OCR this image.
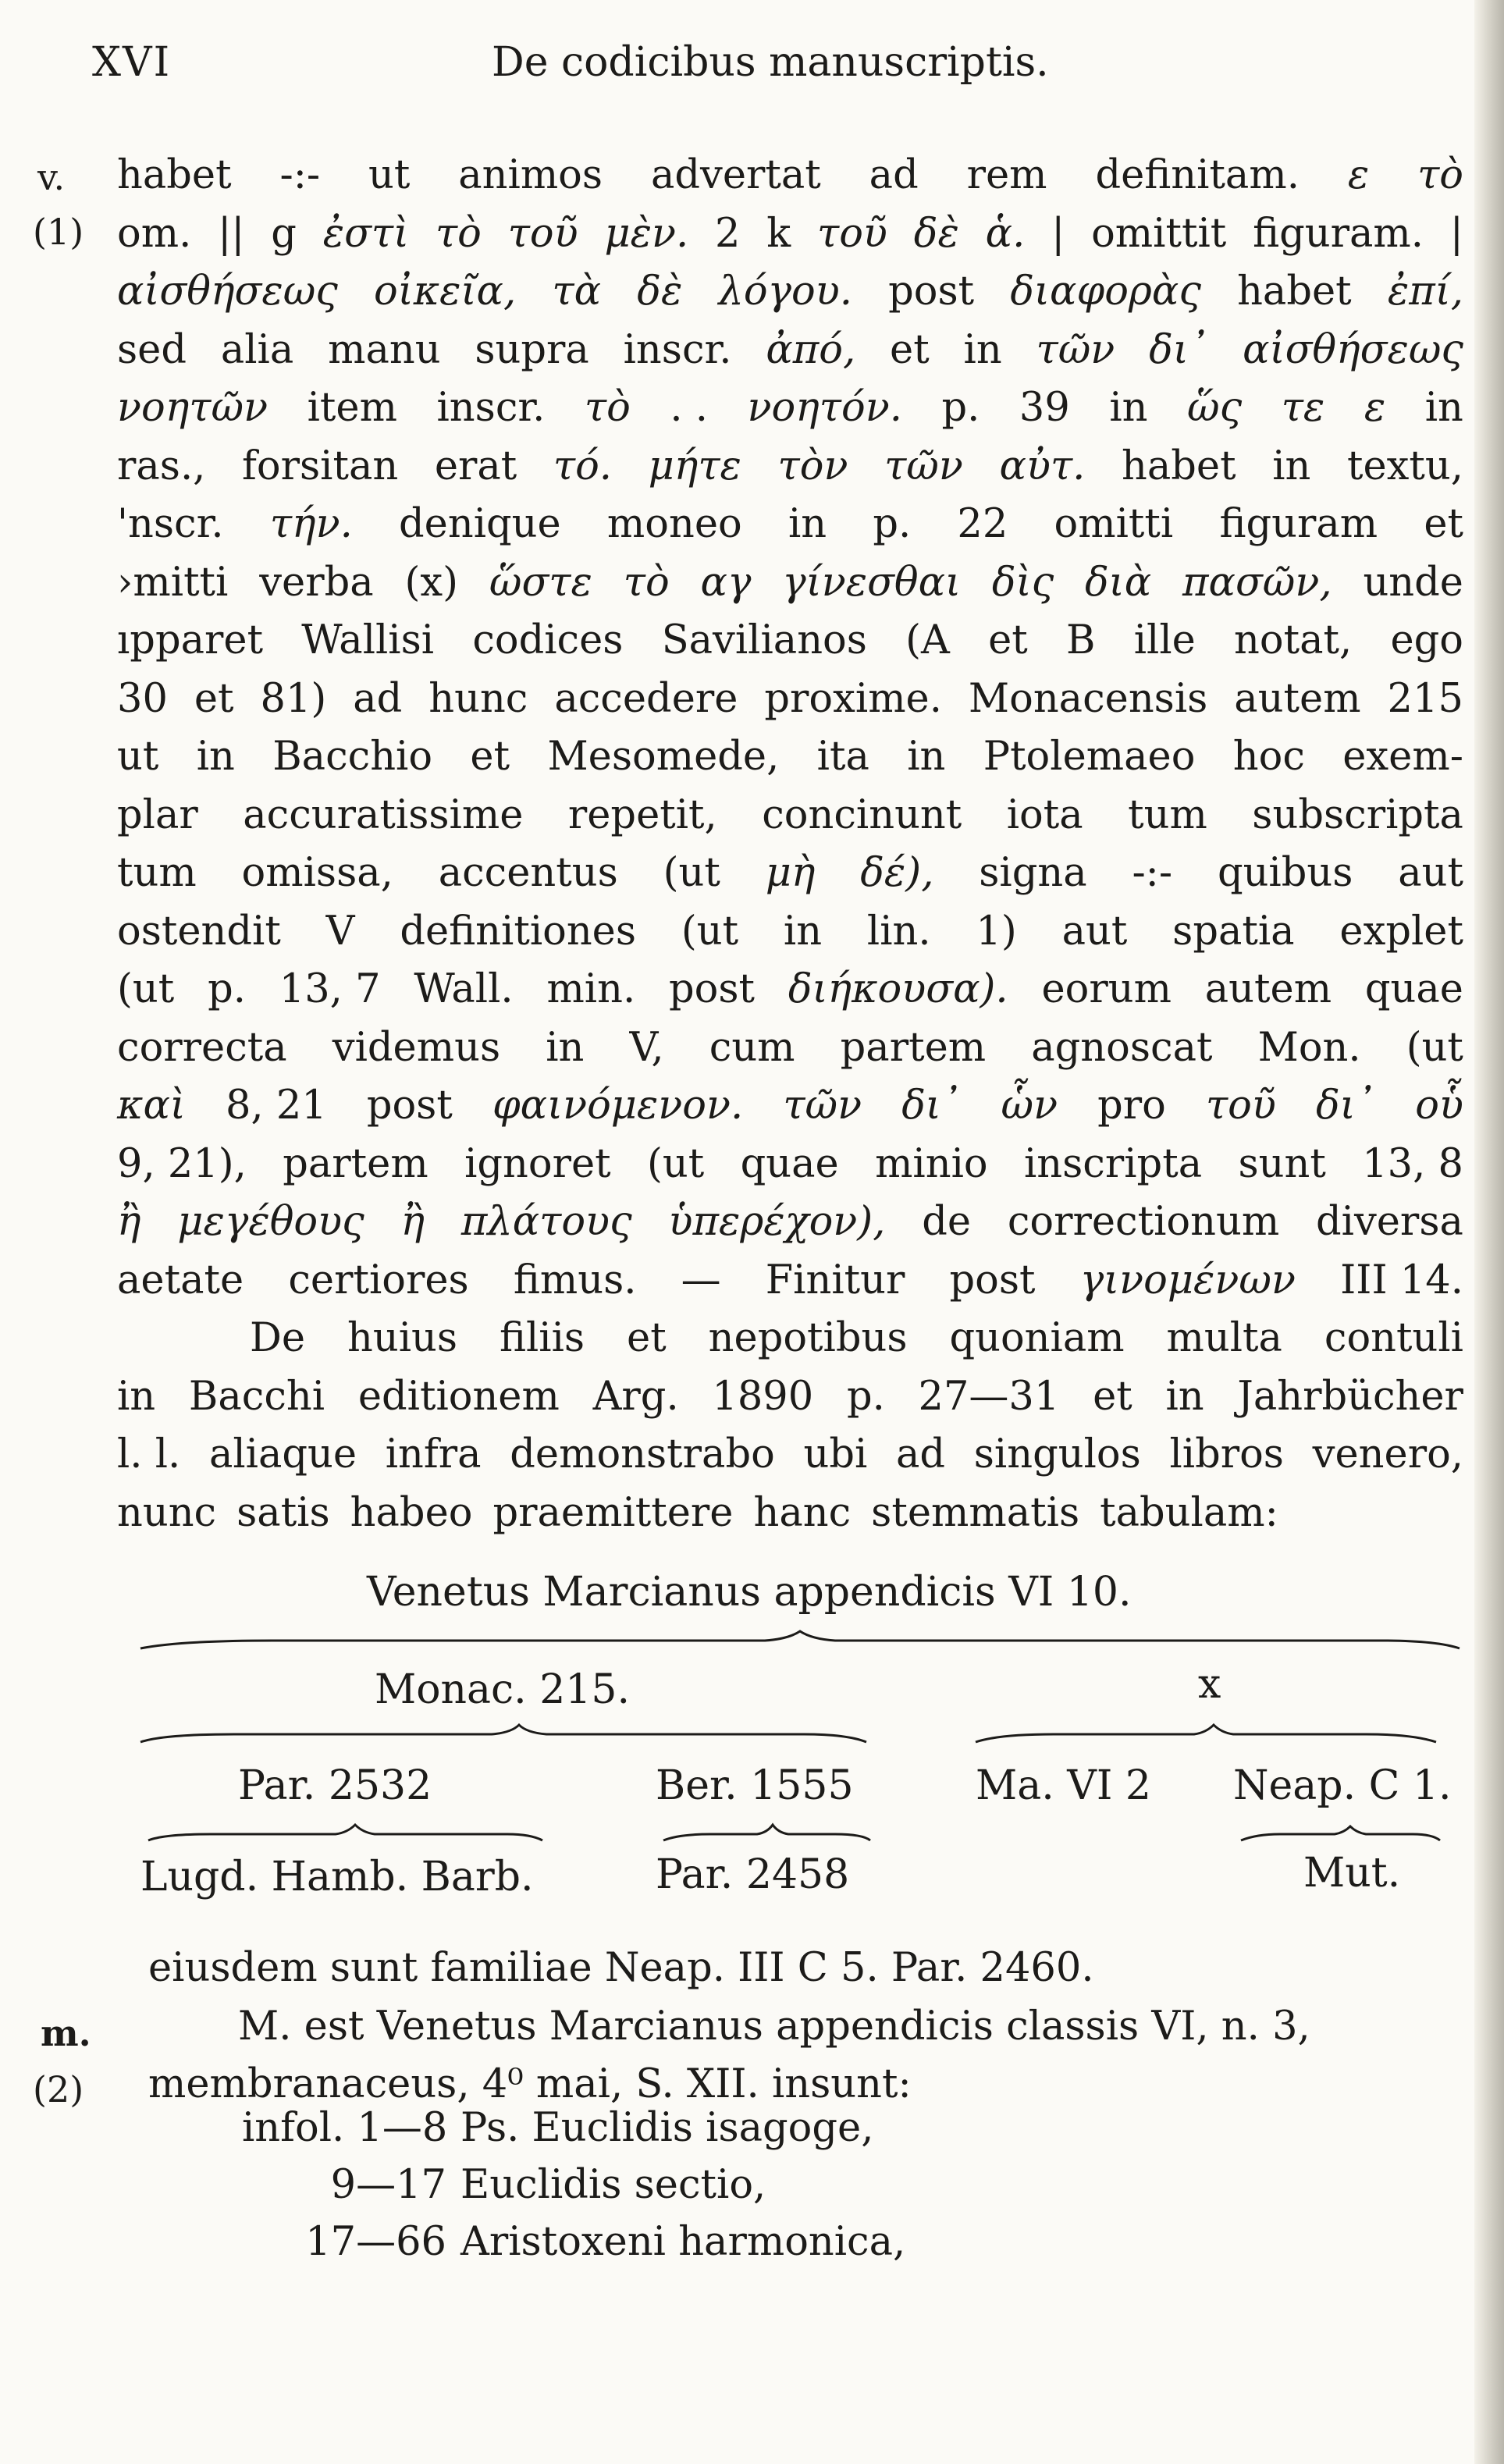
XVI	De codicibus manuscriptis.
v.
(1)
m.
(2)
habet -:- ut animos advertat ad rem definitam. ε τὸ
om. || g ἐστὶ τὸ τοῦ μὲν. 2 k τοῦ δὲ ἁ. | omittit figuram. |
αἰσθήσεως οἰκεῖα, τὰ δὲ λόγου. post διαφορὰς habet ἐπί,
sed alia manu supra inscr. ἀπό, et in τῶν δι᾽ αἰσθήσεως
νοητῶν item inscr. τὸ . . νοητόν. p. 39 in ὥς τε ε in
ras., forsitan erat τό. μήτε τὸν τῶν αὐτ. habet in textu,
'nscr. τήν. denique moneo in p. 22 omitti figuram et
›mitti verba (x) ὥστε τὸ αγ γίνεσθαι δὶς διὰ πασῶν, unde
ıpparet Wallisi codices Savilianos (A et B ille notat, ego
30 et 81) ad hunc accedere proxime. Monacensis autem 215
ut in Bacchio et Mesomede, ita in Ptolemaeo hoc exem-
plar accuratissime repetit, concinunt iota tum subscripta
tum omissa, accentus (ut μὴ δέ), signa -:- quibus aut
ostendit V definitiones (ut in lin. 1) aut spatia explet
(ut p. 13, 7 Wall. min. post διήκουσα). eorum autem quae
correcta videmus in V, cum partem agnoscat Mon. (ut
καὶ 8, 21 post φαινόμενον. τῶν δι᾽ ὧν pro τοῦ δι᾽ οὗ
9, 21), partem ignoret (ut quae minio inscripta sunt 13, 8
ἢ μεγέθους ἢ πλάτους ὑπερέχον), de correctionum diversa
aetate certiores fimus. — Finitur post γινομένων III 14.
De huius filiis et nepotibus quoniam multa contuli
in Bacchi editionem Arg. 1890 p. 27—31 et in Jahrbücher
l. l. aliaque infra demonstrabo ubi ad singulos libros venero,
nunc satis habeo praemittere hanc stemmatis tabulam:
Venetus Marcianus appendicis VI 10.
Monac. 215.	x
Par. 2532	Ber. 1555	Ma. VI 2 Neap. C 1.
Lugd. Hamb. Barb.	Par. 2458	Mut.
eiusdem sunt familiae Neap. III C 5. Par. 2460.
M. est Venetus Marcianus appendicis classis VI, n. 3,
membranaceus, 4⁰ mai, S. XII. insunt:
infol. 1—8 Ps. Euclidis isagoge,
9—17 Euclidis sectio,
17—66 Aristoxeni harmonica,
